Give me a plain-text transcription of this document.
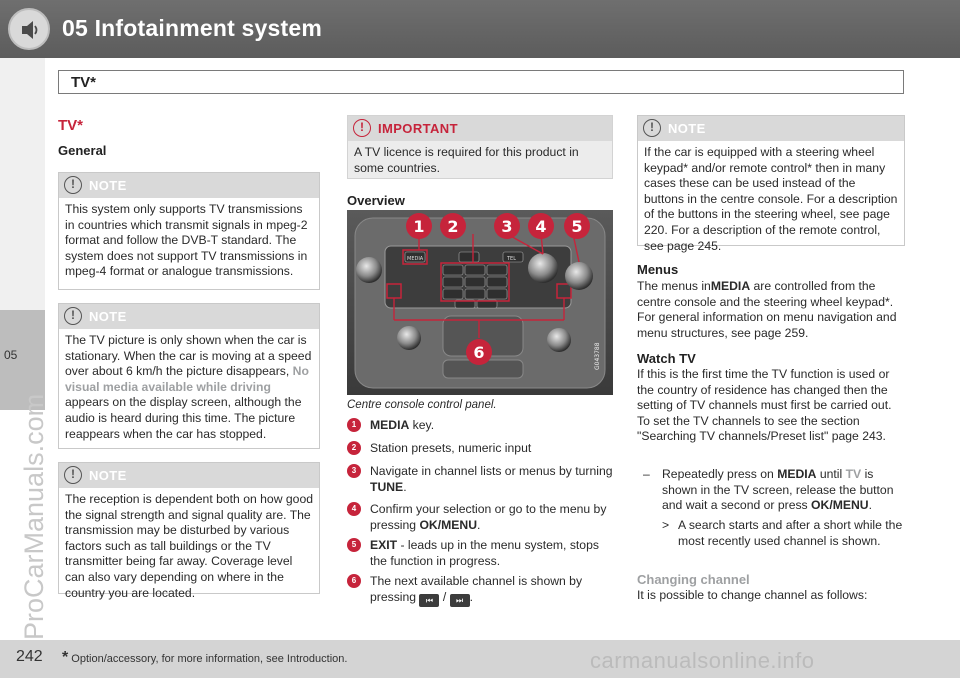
05 Infotainment system
TV*
05
ProCarManuals.com
TV*
General
!	NOTE
This system only supports TV transmissions in countries which transmit signals in mpeg-2 format and follow the DVB-T standard. The system does not support TV transmissions in mpeg-4 format or analogue transmissions.
!	NOTE
The TV picture is only shown when the car is stationary. When the car is moving at a speed over about 6 km/h the picture disappears, No visual media available while driving appears on the display screen, although the audio is heard during this time. The picture reappears when the car has stopped.
!	NOTE
The reception is dependent both on how good the signal strength and signal quality are. The transmission may be disturbed by various factors such as tall buildings or the TV transmitter being far away. Coverage level can also vary depending on where in the country you are located.
!	IMPORTANT
A TV licence is required for this product in some countries.
Overview
MEDIA	TEL
1 2	3 4 5
6	G043788
Centre console control panel.
1	MEDIA key.
2	Station presets, numeric input
3	Navigate in channel lists or menus by turning TUNE.
4	Confirm your selection or go to the menu by pressing OK/MENU.
5	EXIT - leads up in the menu system, stops the function in progress.
6	The next available channel is shown by pressing ⏮ / ⏭ .
!	NOTE
If the car is equipped with a steering wheel keypad* and/or remote control* then in many cases these can be used instead of the buttons in the centre console. For a description of the buttons in the steering wheel, see page 220. For a description of the remote control, see page 245.
Menus
The menus inMEDIA are controlled from the centre console and the steering wheel keypad*. For general information on menu navigation and menu structures, see page 259.
Watch TV
If this is the first time the TV function is used or the country of residence has changed then the setting of TV channels must first be carried out. To set the TV channels to see the section "Searching TV channels/Preset list" page 243.
– Repeatedly press on MEDIA until TV is shown in the TV screen, release the button and wait a second or press OK/MENU.
> A search starts and after a short while the most recently used channel is shown.
Changing channel
It is possible to change channel as follows:
242 * Option/accessory, for more information, see Introduction.	carmanualsonline.info
